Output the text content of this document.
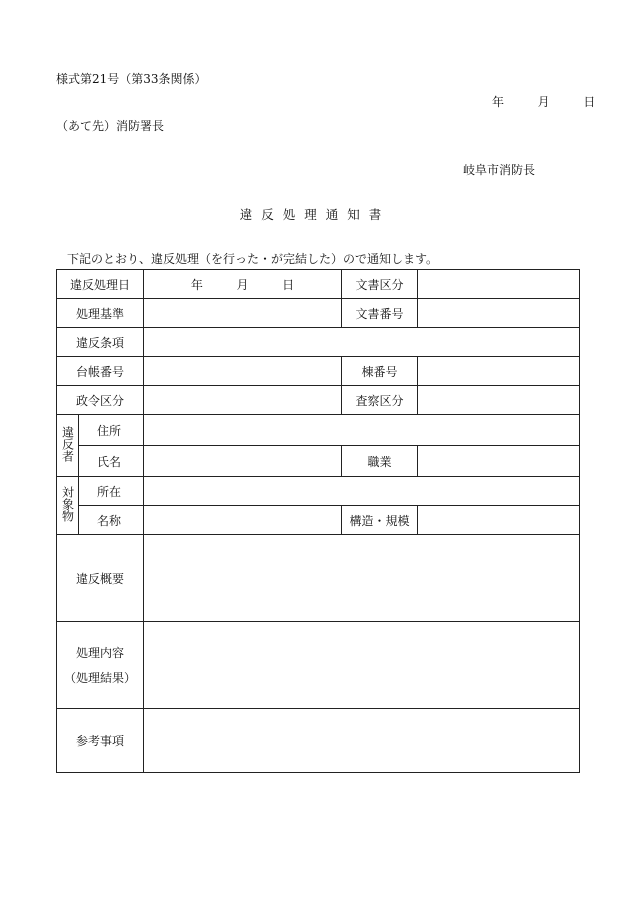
様式第21号（第33条関係）
年	月	日
（あて先）消防署長
岐阜市消防長
違反処理通知書
下記のとおり、違反処理（を行った・が完結した）ので通知します。
違反処理日		年 月 日	文書区分	
処理基準			文書番号	
違反条項				
台帳番号			棟番号	
政令区分			査察区分	
違反者	住所			
	氏名		職業	
対象物	所在			
	名称		構造・規模	
違反概要				

処理内容
（処理結果）				

参考事項				
